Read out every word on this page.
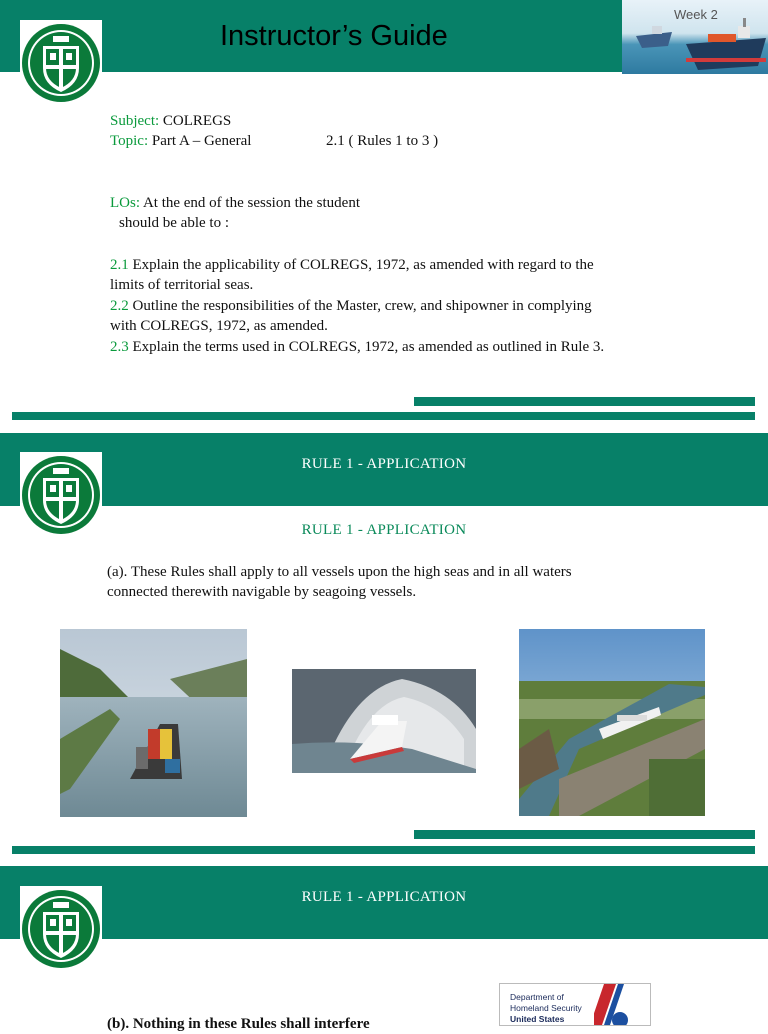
Instructor’s Guide
Week 2
Subject: COLREGS
Topic: Part A – General	2.1 ( Rules 1 to 3 )
LOs: At the end of the session the student
should be able to :
2.1 Explain the applicability of COLREGS, 1972, as amended with regard to the
limits of territorial seas.
2.2 Outline the responsibilities of the Master, crew, and shipowner in complying
with COLREGS, 1972, as amended.
2.3 Explain the terms used in COLREGS, 1972, as amended as outlined in Rule 3.
RULE 1 - APPLICATION
RULE 1 - APPLICATION
(a). These Rules shall apply to all vessels upon the high seas and in all waters
connected therewith navigable by seagoing vessels.
RULE 1 - APPLICATION
Department of
Homeland Security
United States
(b). Nothing in these Rules shall interfere
